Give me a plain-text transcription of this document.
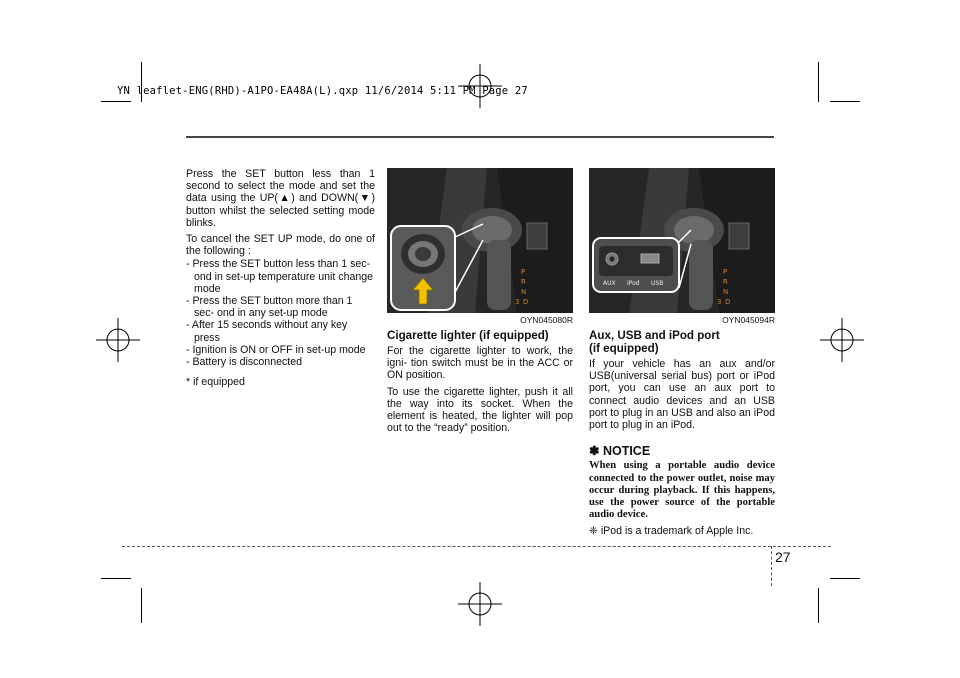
YN leaflet-ENG(RHD)-A1PO-EA48A(L).qxp 11/6/2014 5:11 PM Page 27
27

Press the SET button less than 1 second to select the mode and set the data using the UP(▲) and DOWN(▼) button whilst the selected setting mode blinks.

To cancel the SET UP mode, do one of the following :

- Press the SET button less than 1 sec- ond in set-up temperature unit change mode
- Press the SET button more than 1 sec- ond in any set-up mode
- After 15 seconds without any key press
- Ignition is ON or OFF in set-up mode
- Battery is disconnected

* if equipped

P
R
N
3 D
OYN045080R
Cigarette lighter (if equipped)

For the cigarette lighter to work, the igni- tion switch must be in the ACC or ON position.

To use the cigarette lighter, push it all the way into its socket. When the element is heated, the lighter will pop out to the “ready” position.

P
R
N
3 D
AUX iPod USB
OYN045094R
Aux, USB and iPod port
(if equipped)

If your vehicle has an aux and/or USB(universal serial bus) port or iPod port, you can use an aux port to connect audio devices and an USB port to plug in an USB and also an iPod port to plug in an iPod.

✽ NOTICE

When using a portable audio device connected to the power outlet, noise may occur during playback. If this happens, use the power source of the portable audio device.

❈ iPod is a trademark of Apple Inc.
